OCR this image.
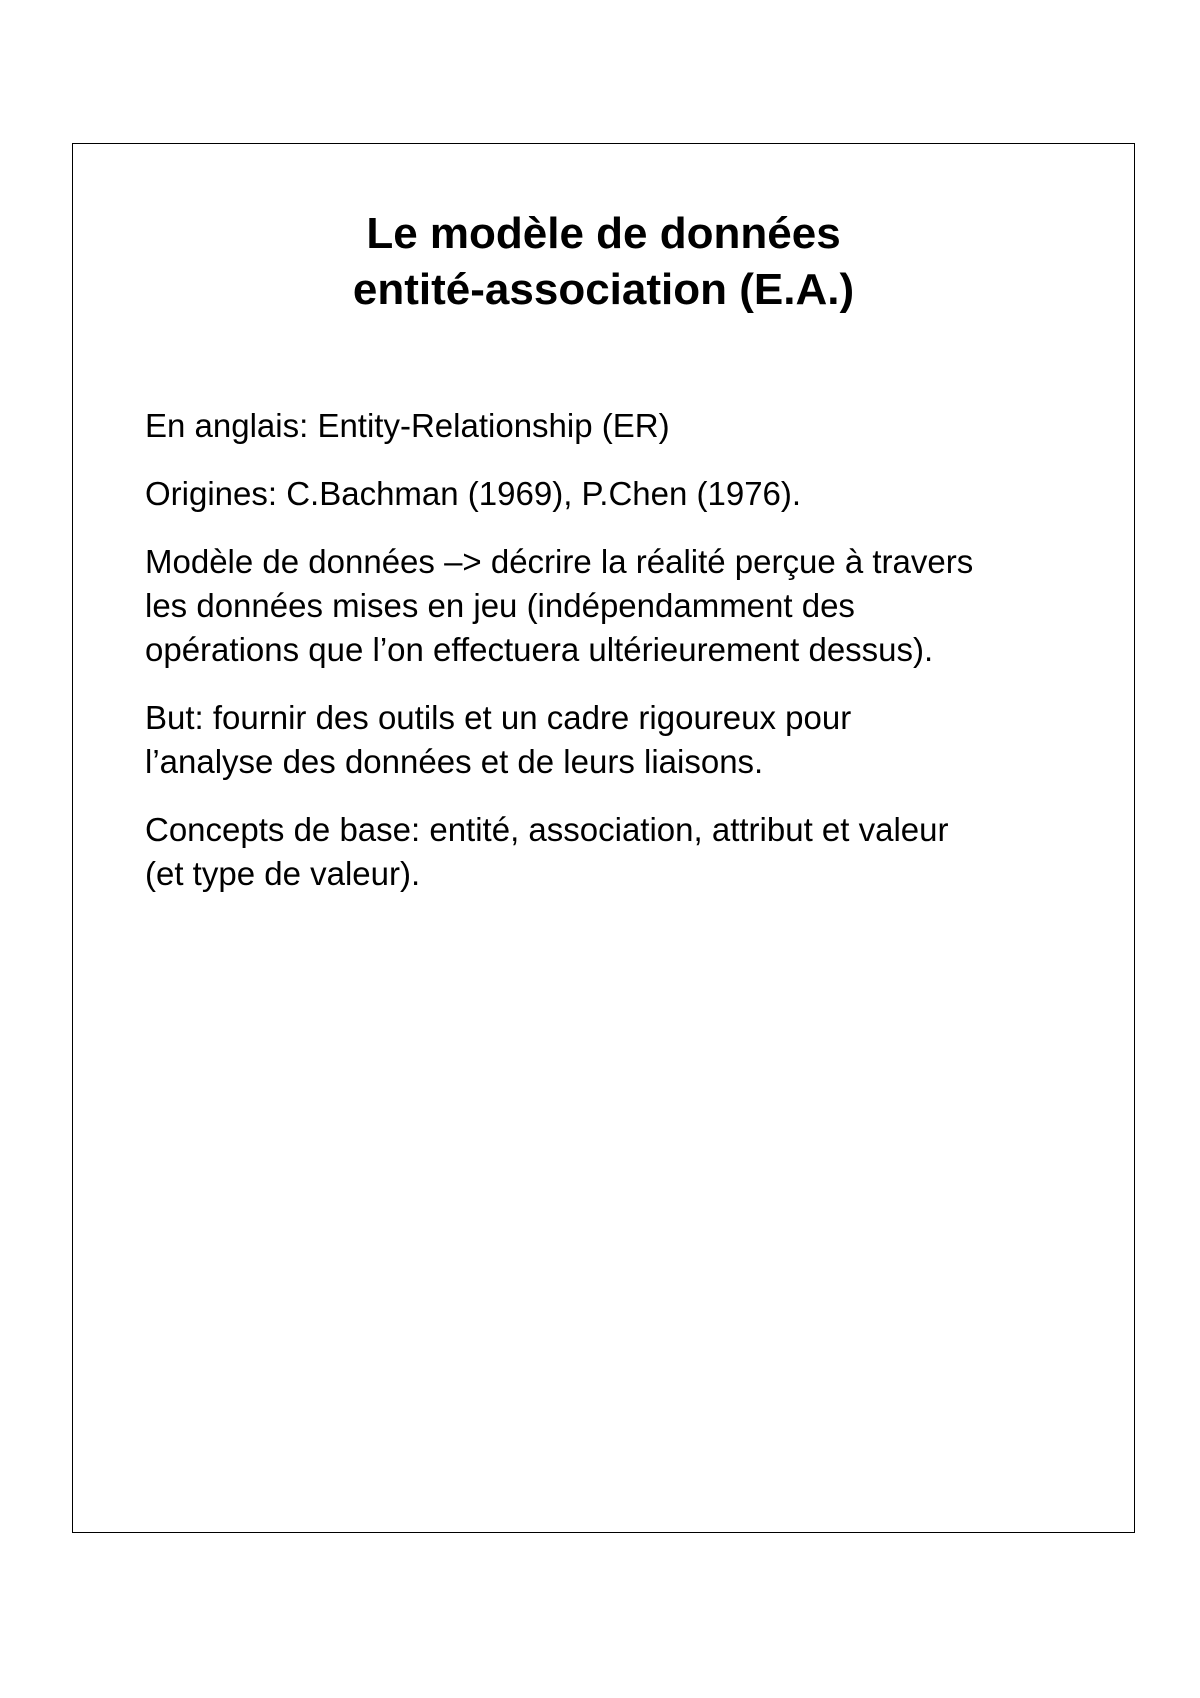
Le modèle de données
entité-association (E.A.)

En anglais: Entity-Relationship (ER)

Origines: C.Bachman (1969), P.Chen (1976).

Modèle de données –> décrire la réalité perçue à travers
les données mises en jeu (indépendamment des
opérations que l’on effectuera ultérieurement dessus).

But: fournir des outils et un cadre rigoureux pour
l’analyse des données et de leurs liaisons.

Concepts de base: entité, association, attribut et valeur
(et type de valeur).
